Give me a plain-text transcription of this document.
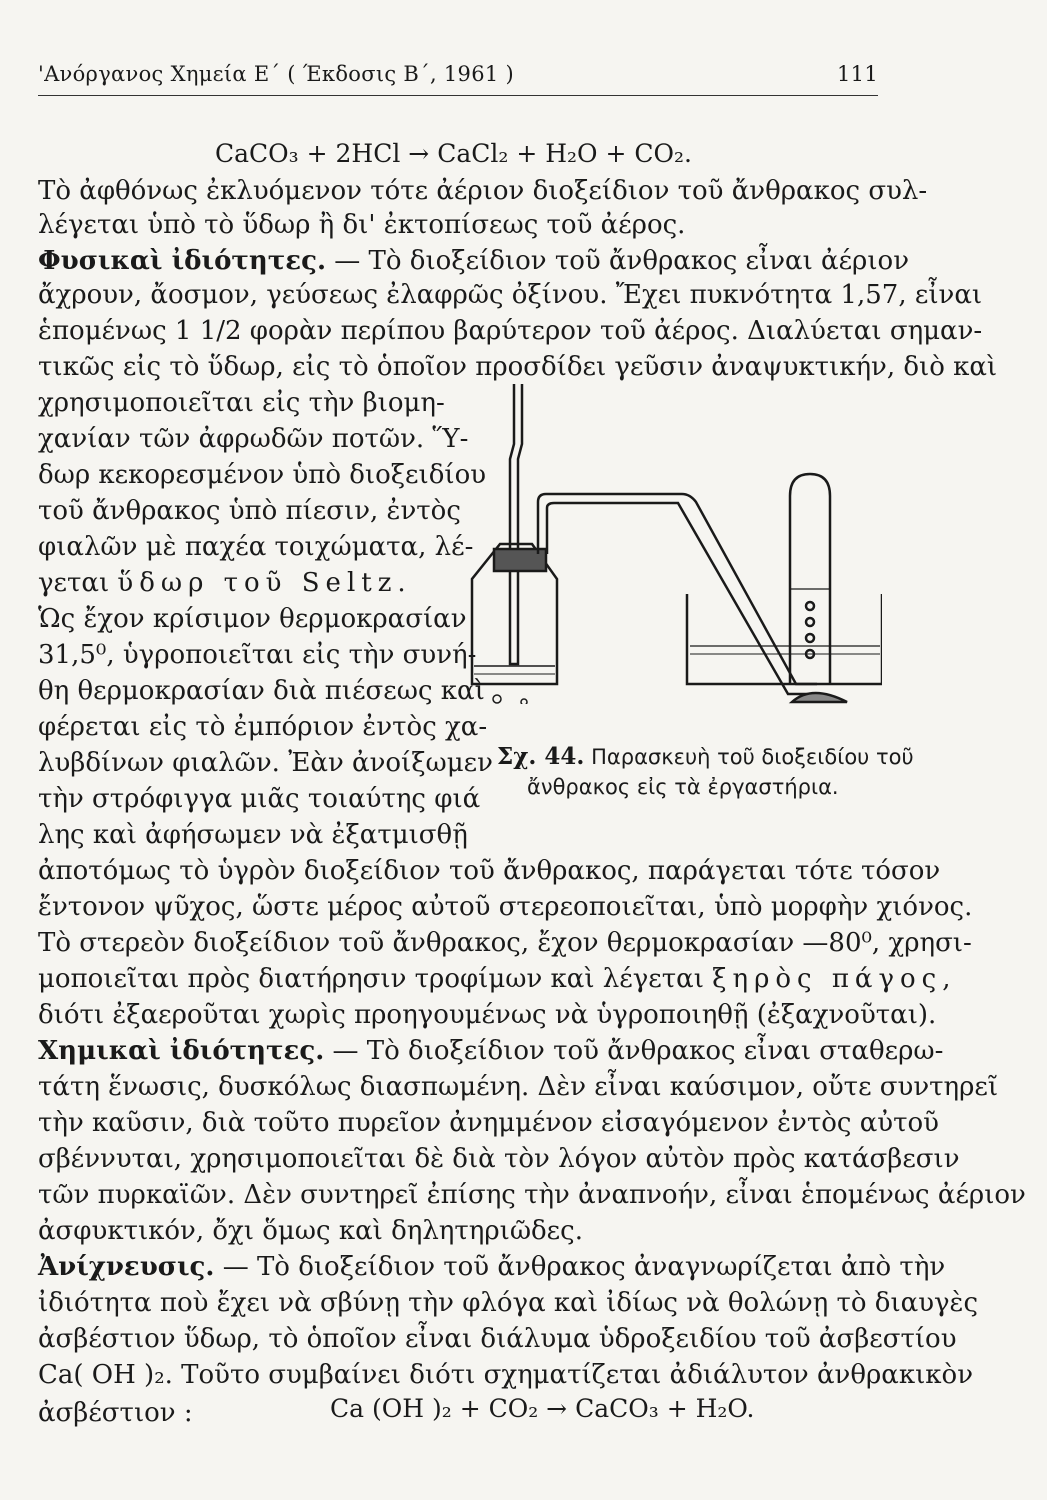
'Ανόργανος Χημεία Ε΄ ( Έκδοσις Β΄, 1961 )	111
CaCO₃ + 2HCl → CaCl₂ + H₂O + CO₂.
Τὸ ἀφθόνως ἐκλυόμενον τότε ἀέριον διοξείδιον τοῦ ἄνθρακος συλ-
λέγεται ὑπὸ τὸ ὕδωρ ἢ δι' ἐκτοπίσεως τοῦ ἀέρος.
Φυσικαὶ ἰδιότητες. — Τὸ διοξείδιον τοῦ ἄνθρακος εἶναι ἀέριον
ἄχρουν, ἄοσμον, γεύσεως ἐλαφρῶς ὀξίνου. Ἔχει πυκνότητα 1,57, εἶναι
ἑπομένως 1 1/2 φορὰν περίπου βαρύτερον τοῦ ἀέρος. Διαλύεται σημαν-
τικῶς εἰς τὸ ὕδωρ, εἰς τὸ ὁποῖον προσδίδει γεῦσιν ἀναψυκτικήν, διὸ καὶ
χρησιμοποιεῖται εἰς τὴν βιομη-
χανίαν τῶν ἀφρωδῶν ποτῶν. Ὕ-
δωρ κεκορεσμένον ὑπὸ διοξειδίου
τοῦ ἄνθρακος ὑπὸ πίεσιν, ἐντὸς
φιαλῶν μὲ παχέα τοιχώματα, λέ-
γεται ὕδωρ τοῦ Seltz.
Ὡς ἔχον κρίσιμον θερμοκρασίαν
31,5⁰, ὑγροποιεῖται εἰς τὴν συνή-
θη θερμοκρασίαν διὰ πιέσεως καὶ
φέρεται εἰς τὸ ἐμπόριον ἐντὸς χα-
λυβδίνων φιαλῶν. Ἐὰν ἀνοίξωμεν
τὴν στρόφιγγα μιᾶς τοιαύτης φιά
λης καὶ ἀφήσωμεν νὰ ἐξατμισθῇ
ἀποτόμως τὸ ὑγρὸν διοξείδιον τοῦ ἄνθρακος, παράγεται τότε τόσον
ἔντονον ψῦχος, ὥστε μέρος αὐτοῦ στερεοποιεῖται, ὑπὸ μορφὴν χιόνος.
Τὸ στερεὸν διοξείδιον τοῦ ἄνθρακος, ἔχον θερμοκρασίαν —80⁰, χρησι-
μοποιεῖται πρὸς διατήρησιν τροφίμων καὶ λέγεται ξηρὸς πάγος,
διότι ἐξαεροῦται χωρὶς προηγουμένως νὰ ὑγροποιηθῇ (ἐξαχνοῦται).
Χημικαὶ ἰδιότητες. — Τὸ διοξείδιον τοῦ ἄνθρακος εἶναι σταθερω-
τάτη ἕνωσις, δυσκόλως διασπωμένη. Δὲν εἶναι καύσιμον, οὔτε συντηρεῖ
τὴν καῦσιν, διὰ τοῦτο πυρεῖον ἀνημμένον εἰσαγόμενον ἐντὸς αὐτοῦ
σβέννυται, χρησιμοποιεῖται δὲ διὰ τὸν λόγον αὐτὸν πρὸς κατάσβεσιν
τῶν πυρκαϊῶν. Δὲν συντηρεῖ ἐπίσης τὴν ἀναπνοήν, εἶναι ἑπομένως ἀέριον
ἀσφυκτικόν, ὄχι ὅμως καὶ δηλητηριῶδες.
Ἀνίχνευσις. — Τὸ διοξείδιον τοῦ ἄνθρακος ἀναγνωρίζεται ἀπὸ τὴν
ἰδιότητα ποὺ ἔχει νὰ σβύνῃ τὴν φλόγα καὶ ἰδίως νὰ θολώνῃ τὸ διαυγὲς
ἀσβέστιον ὕδωρ, τὸ ὁποῖον εἶναι διάλυμα ὑδροξειδίου τοῦ ἀσβεστίου
Ca( OH )₂. Τοῦτο συμβαίνει διότι σχηματίζεται ἀδιάλυτον ἀνθρακικὸν
ἀσβέστιον :	Ca (OH )₂ + CO₂ → CaCO₃ + H₂O.
Σχ. 44. Παρασκευὴ τοῦ διοξειδίου τοῦ
ἄνθρακος εἰς τὰ ἐργαστήρια.
